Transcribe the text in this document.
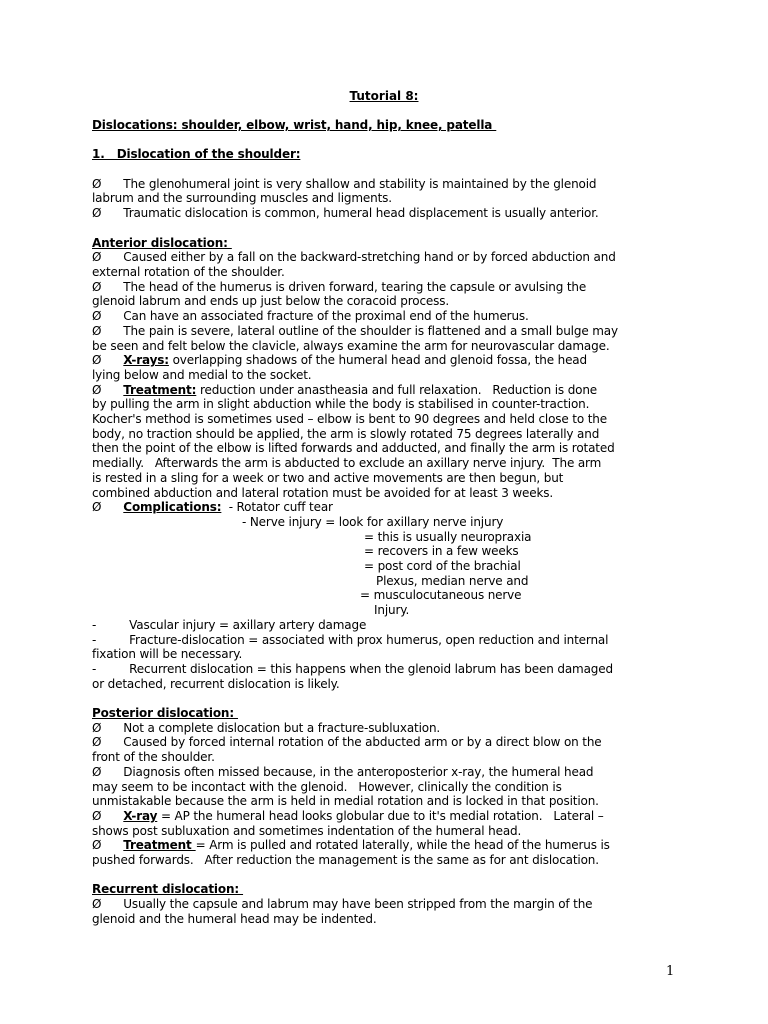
Tutorial 8:
Dislocations: shoulder, elbow, wrist, hand, hip, knee, patella
1.   Dislocation of the shoulder:
Ø      The glenohumeral joint is very shallow and stability is maintained by the glenoid
labrum and the surrounding muscles and ligments.
Ø      Traumatic dislocation is common, humeral head displacement is usually anterior.
Anterior dislocation:
Ø      Caused either by a fall on the backward-stretching hand or by forced abduction and
external rotation of the shoulder.
Ø      The head of the humerus is driven forward, tearing the capsule or avulsing the
glenoid labrum and ends up just below the coracoid process.
Ø      Can have an associated fracture of the proximal end of the humerus.
Ø      The pain is severe, lateral outline of the shoulder is flattened and a small bulge may
be seen and felt below the clavicle, always examine the arm for neurovascular damage.
Ø      X-rays: overlapping shadows of the humeral head and glenoid fossa, the head
lying below and medial to the socket.
Ø      Treatment: reduction under anastheasia and full relaxation.   Reduction is done
by pulling the arm in slight abduction while the body is stabilised in counter-traction.
Kocher's method is sometimes used – elbow is bent to 90 degrees and held close to the
body, no traction should be applied, the arm is slowly rotated 75 degrees laterally and
then the point of the elbow is lifted forwards and adducted, and finally the arm is rotated
medially.   Afterwards the arm is abducted to exclude an axillary nerve injury.  The arm
is rested in a sling for a week or two and active movements are then begun, but
combined abduction and lateral rotation must be avoided for at least 3 weeks.
Ø      Complications:  - Rotator cuff tear
- Nerve injury = look for axillary nerve injury
= this is usually neuropraxia
= recovers in a few weeks
= post cord of the brachial
Plexus, median nerve and
= musculocutaneous nerve
Injury.
-         Vascular injury = axillary artery damage
-         Fracture-dislocation = associated with prox humerus, open reduction and internal
fixation will be necessary.
-         Recurrent dislocation = this happens when the glenoid labrum has been damaged
or detached, recurrent dislocation is likely.
Posterior dislocation:
Ø      Not a complete dislocation but a fracture-subluxation.
Ø      Caused by forced internal rotation of the abducted arm or by a direct blow on the
front of the shoulder.
Ø      Diagnosis often missed because, in the anteroposterior x-ray, the humeral head
may seem to be incontact with the glenoid.   However, clinically the condition is
unmistakable because the arm is held in medial rotation and is locked in that position.
Ø      X-ray = AP the humeral head looks globular due to it's medial rotation.   Lateral –
shows post subluxation and sometimes indentation of the humeral head.
Ø      Treatment = Arm is pulled and rotated laterally, while the head of the humerus is
pushed forwards.   After reduction the management is the same as for ant dislocation.
Recurrent dislocation:
Ø      Usually the capsule and labrum may have been stripped from the margin of the
glenoid and the humeral head may be indented.
1
